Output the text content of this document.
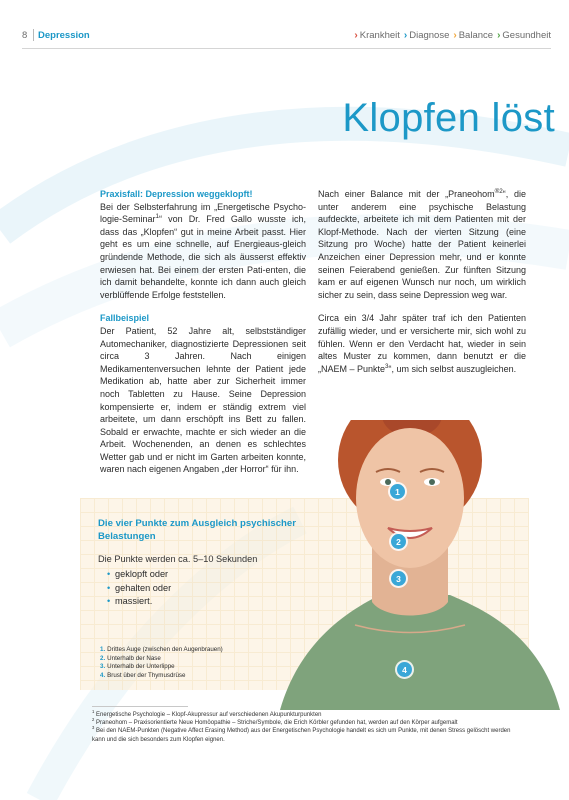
8 Depression	› Krankheit › Diagnose › Balance › Gesundheit
Klopfen löst

Praxisfall: Depression weggeklopft!

Bei der Selbsterfahrung im „Energetische Psycho-logie-Seminar$^1$“ von Dr. Fred Gallo wusste ich, dass das „Klopfen“ gut in meine Arbeit passt. Hier geht es um eine schnelle, auf Energieaus-gleich gründende Methode, die sich als äusserst effektiv erwiesen hat. Bei einem der ersten Pati-enten, die ich damit behandelte, konnte ich dann auch gleich verblüffende Erfolge feststellen.

Fallbeispiel

Der Patient, 52 Jahre alt, selbstständiger Automechaniker, diagnostizierte Depressionen seit circa 3 Jahren. Nach einigen Medikamentenversuchen lehnte der Patient jede Medikation ab, hatte aber zur Sicherheit immer noch Tabletten zu Hause. Seine Depression kompensierte er, indem er ständig extrem viel arbeitete, um dann erschöpft ins Bett zu fallen. Sobald er erwachte, machte er sich wieder an die Arbeit. Wochenenden, an denen es schlechtes Wetter gab und er nicht im Garten arbeiten konnte, waren nach eigenen Angaben „der Horror“ für ihn.

Nach einer Balance mit der „Praneohom$^{®2}$“, die unter anderem eine psychische Belastung aufdeckte, arbeitete ich mit dem Patienten mit der Klopf-Methode. Nach der vierten Sitzung (eine Sitzung pro Woche) hatte der Patient keinerlei Anzeichen einer Depression mehr, und er konnte seinen Feierabend genießen. Zur fünften Sitzung kam er auf eigenen Wunsch nur noch, um wirklich sicher zu sein, dass seine Depression weg war.

Circa ein 3/4 Jahr später traf ich den Patienten zufällig wieder, und er versicherte mir, sich wohl zu fühlen. Wenn er den Verdacht hat, wieder in sein altes Muster zu kommen, dann benutzt er die „NAEM – Punkte$^3$“, um sich selbst auszugleichen.

1
2
3
4
Die vier Punkte zum Ausgleich psychischer Belastungen
Die Punkte werden ca. 5–10 Sekunden
• geklopft oder
• gehalten oder
• massiert.
1. Drittes Auge (zwischen den Augenbrauen)
2. Unterhalb der Nase
3. Unterhalb der Unterlippe
4. Brust über der Thymusdrüse

$^1$ Energetische Psychologie – Klopf-Akupressur auf verschiedenen Akupunkturpunkten

$^2$ Praneohom – Praxisorientierte Neue Homöopathie – Striche/Symbole, die Erich Körbler gefunden hat, werden auf den Körper aufgemalt

$^3$ Bei den NAEM-Punkten (Negative Affect Erasing Method) aus der Energetischen Psychologie handelt es sich um Punkte, mit denen Stress gelöscht werden kann und die sich besonders zum Klopfen eignen.
